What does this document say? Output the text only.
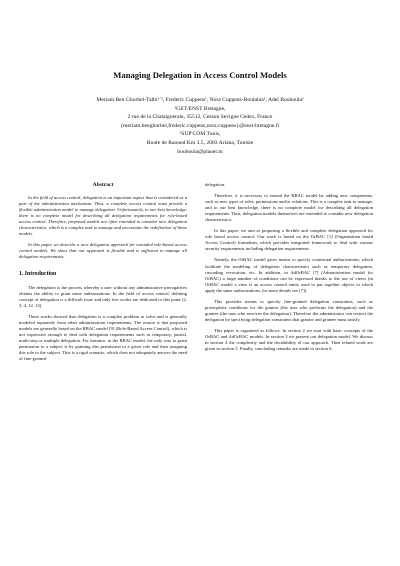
Managing Delegation in Access Control Models
Meriam Ben Ghorbel-Talbi¹ʼ², Frederic Cuppens¹, Nora Cuppens-Boulahia¹, Adel Bouhoula²
¹GET/ENST Bretagne,
2 rue de la Chataigneraie, 35512, Cesson Sevigne Cedex, France
{meriam.benghorbel,frederic.cuppens,nora.cuppens}@enst-bretagne.fr
²SUP'COM Tunis,
Route de Raoued Km 3.5, 2083 Ariana, Tunisie
bouhoula@planet.tn
Abstract

In the field of access control, delegation is an important aspect that is considered as a part of the administration mechanism. Thus, a complete access control must provide a flexible administration model to manage delegation. Unfortunately, to our best knowledge, there is no complete model for describing all delegation requirements for role-based access control. Therefore, proposed models are often extended to consider new delegation characteristics, which is a complex task to manage and necessitate the redefinition of these models.

In this paper we describe a new delegation approach for extended role-based access control models. We show that our approach is flexible and is sufficient to manage all delegation requirements.

1. Introduction

The delegation is the process whereby a user without any administrative prerogatives obtains the ability to grant some authorizations. In the field of access control, defining concept of delegation is a difficult issue and only few works are dedicated to this point [2, 3, 4, 12, 13].

These works showed that delegation is a complex problem to solve and is generally modeled separately from other administration requirements. The reason is that proposed models are generally based on the RBAC model [9] (Role-Based Access Control), which is not expressive enough to deal with delegation requirements such as temporary, partial, multi-step or multiple delegation. For instance, in the RBAC model, the only way to grant permission to a subject is by granting this permission to a given role and then assigning this role to the subject. This is a rigid scenario, which does not adequately answer the need of fine-grained

delegation.

Therefore, it is necessary to extend the RBAC model by adding new components, such as new types of roles, permissions and/or relations. This is a complex task to manage, and to our best knowledge, there is no complete model for describing all delegation requirements. Thus, delegation models themselves are extended to consider new delegation characteristics.

In this paper, we aim at proposing a flexible and complete delegation approach for role based access control. Our work is based on the OrBAC [1] (Organization based Access Control) formalism, which provides integrated framework to deal with various security requirements including delegation requirements.

Namely, the OrBAC model gives means to specify contextual authorizations, which facilitate the modeling of delegation characteristics such as temporary delegation, cascading revocation, etc. In addition, in AdOrBAC [7] (Administration model for OrBAC) a large number of conditions can be expressed thanks to the use of views (in OrBAC model a view is an access control entity used to put together objects to which apply the same authorizations, for more details see [7]).

This provides means to specify fine-grained delegation constraints, such as prerequisite conditions for the grantor (the user who performs the delegation) and the grantee (the user who receives the delegation). Therefore the administrator can restrict the delegation by specifying delegation constraints that grantor and grantee must satisfy.

This paper is organized as follows. In section 2 we start with basic concepts of the OrBAC and AdOrBAC models. In section 3 we present our delegation model. We discuss in section 4 the complexity and the decidability of our approach. Then related work are given in section 5. Finally, concluding remarks are made in section 6.
